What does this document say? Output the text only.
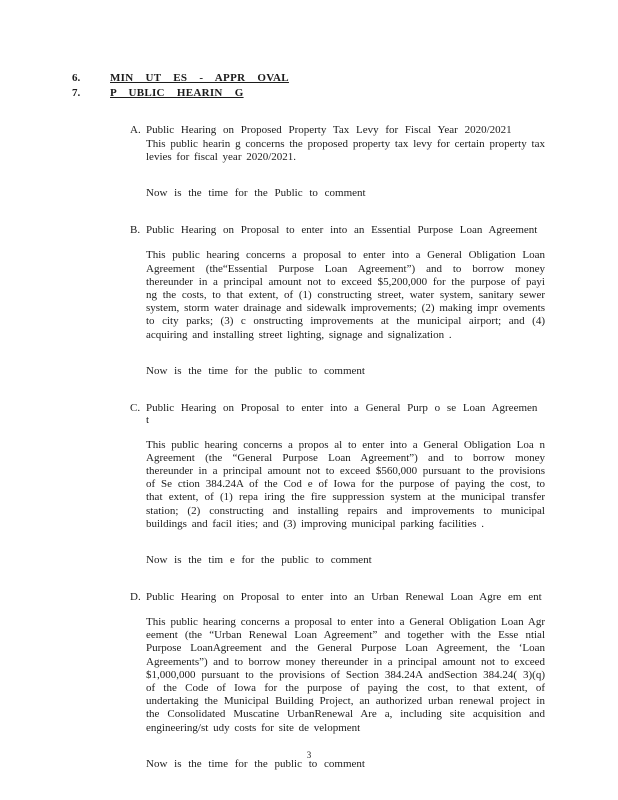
6.	MIN UT ES - APPR OVAL
7.	P UBLIC HEARIN G
A. Public Hearing on Proposed Property Tax Levy for Fiscal Year 2020/2021

This public hearin g concerns the proposed property tax levy for certain property tax levies for fiscal year 2020/2021.

Now is the time for the Public to comment

B. Public Hearing on Proposal to enter into an Essential Purpose Loan Agreement

This public hearing concerns a proposal to enter into a General Obligation Loan Agreement (the“Essential Purpose Loan Agreement”) and to borrow money thereunder in a principal amount not to exceed $5,200,000 for the purpose of payi ng the costs, to that extent, of (1) constructing street, water system, sanitary sewer system, storm water drainage and sidewalk improvements; (2) making impr ovements to city parks; (3) c onstructing improvements at the municipal airport; and (4) acquiring and installing street lighting, signage and signalization .

Now is the time for the public to comment

C. Public Hearing on Proposal to enter into a General Purp o se Loan Agreemen t

This public hearing concerns a propos al to enter into a General Obligation Loa n Agreement (the “General Purpose Loan Agreement”) and to borrow money thereunder in a principal amount not to exceed $560,000 pursuant to the provisions of Se ction 384.24A of the Cod e of Iowa for the purpose of paying the cost, to that extent, of (1) repa iring the fire suppression system at the municipal transfer station; (2) constructing and installing repairs and improvements to municipal buildings and facil ities; and (3) improving municipal parking facilities .

Now is the tim e for the public to comment

D. Public Hearing on Proposal to enter into an Urban Renewal Loan Agre em ent

This public hearing concerns a proposal to enter into a General Obligation Loan Agr eement (the “Urban Renewal Loan Agreement” and together with the Esse ntial Purpose LoanAgreement and the General Purpose Loan Agreement, the ‘Loan Agreements”) and to borrow money thereunder in a principal amount not to exceed $1,000,000 pursuant to the provisions of Section 384.24A andSection 384.24( 3)(q) of the Code of Iowa for the purpose of paying the cost, to that extent, of undertaking the Municipal Building Project, an authorized urban renewal project in the Consolidated Muscatine UrbanRenewal Are a, including site acquisition and engineering/st udy costs for site de velopment

Now is the time for the public to comment

3
